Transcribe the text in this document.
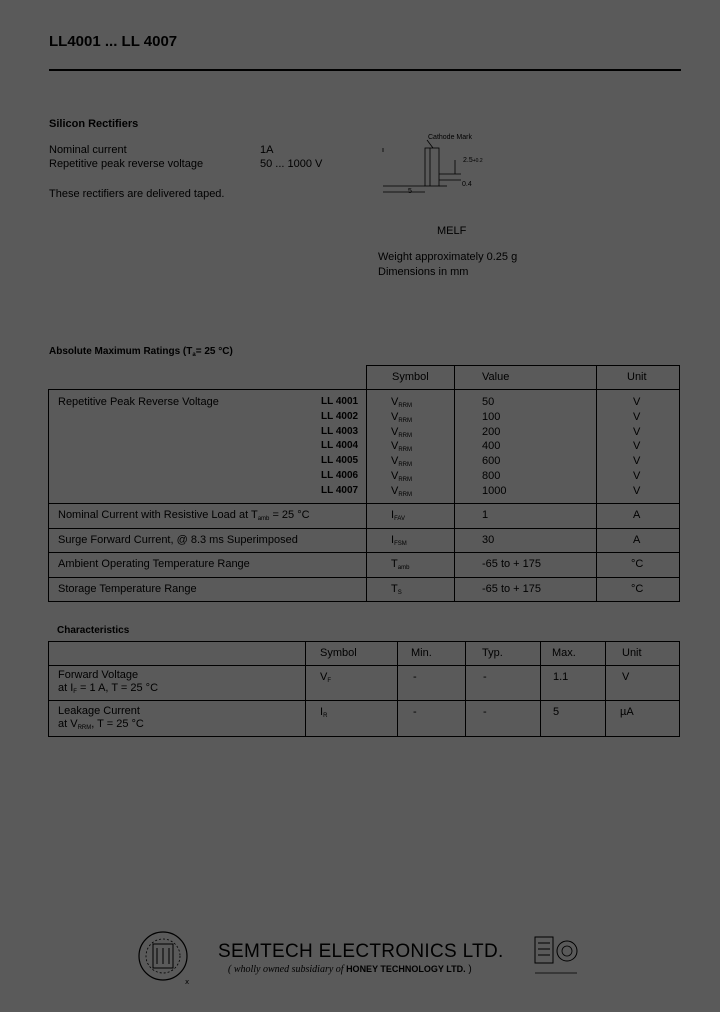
LL4001 ... LL 4007
Silicon Rectifiers
Nominal current	1A
Repetitive peak reverse voltage	50 ... 1000 V
These rectifiers are delivered taped.
Cathode Mark
2.5+0.2
0.4
5
MELF
Weight approximately 0.25 g
Dimensions in mm
Absolute Maximum Ratings ($T_a= 25$ °C)
Symbol	Value	Unit
Repetitive Peak Reverse Voltage	LL 4001	$V_{RRM}$	50	V
LL 4002	$V_{RRM}$	100	V
LL 4003	$V_{RRM}$	200	V
LL 4004	$V_{RRM}$	400	V
LL 4005	$V_{RRM}$	600	V
LL 4006	$V_{RRM}$	800	V
LL 4007	$V_{RRM}$	1000	V
Nominal Current with Resistive Load at $T_{amb} = 25$ °C	$I_{FAV}$	1	A
Surge Forward Current, @ 8.3 ms Superimposed	$I_{FSM}$	30	A
Ambient Operating Temperature Range	$T_{amb}$	-65 to + 175	°C
Storage Temperature Range	$T_S$	-65 to + 175	°C
Characteristics
Symbol	Min.	Typ.	Max.	Unit
Forward Voltage
at $I_F = 1$ A, T = 25 °C
$V_F$	-	-	1.1	V
Leakage Current
at $V_{RRM}$, T = 25 °C
$I_R$	-	-	5	µA
x
SEMTECH ELECTRONICS LTD.
( wholly owned subsidiary of HONEY TECHNOLOGY LTD. )
